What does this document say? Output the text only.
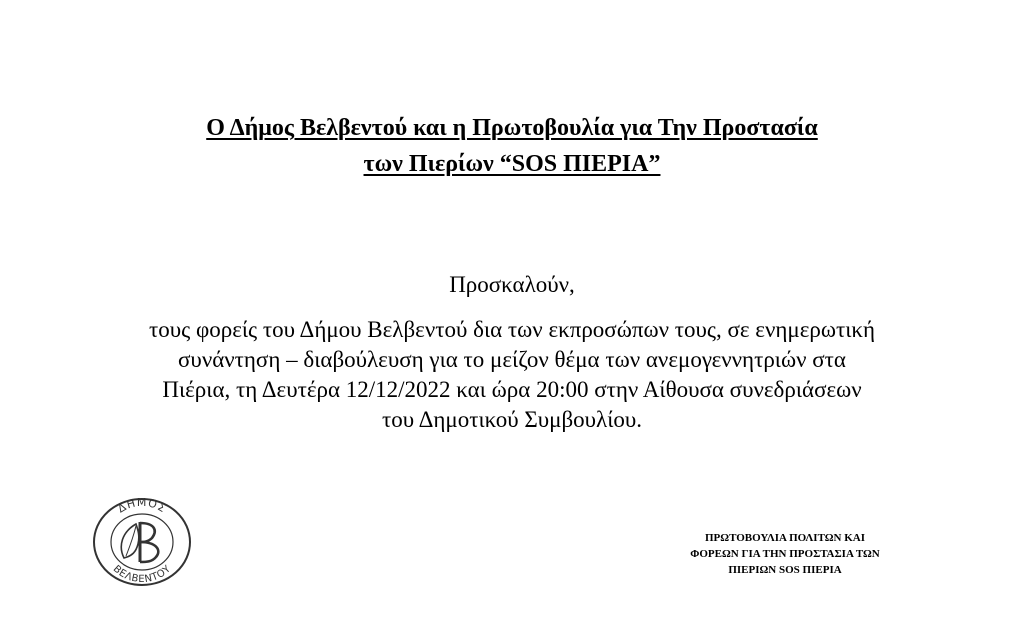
Ο Δήμος Βελβεντού και η Πρωτοβουλία για Την Προστασία
των Πιερίων “SOS ΠΙΕΡΙΑ”
Προσκαλούν,
τους φορείς του Δήμου Βελβεντού δια των εκπροσώπων τους, σε ενημερωτική
συνάντηση – διαβούλευση για το μείζον θέμα των ανεμογεννητριών στα
Πιέρια, τη Δευτέρα 12/12/2022 και ώρα 20:00 στην Αίθουσα συνεδριάσεων
του Δημοτικού Συμβουλίου.
ΔΗΜΟΣ
ΒΕΛΒΕΝΤΟΥ
ΠΡΩΤΟΒΟΥΛΙΑ ΠΟΛΙΤΩΝ ΚΑΙ
ΦΟΡΕΩΝ ΓΙΑ ΤΗΝ ΠΡΟΣΤΑΣΙΑ ΤΩΝ
ΠΙΕΡΙΩΝ SOS ΠΙΕΡΙΑ
